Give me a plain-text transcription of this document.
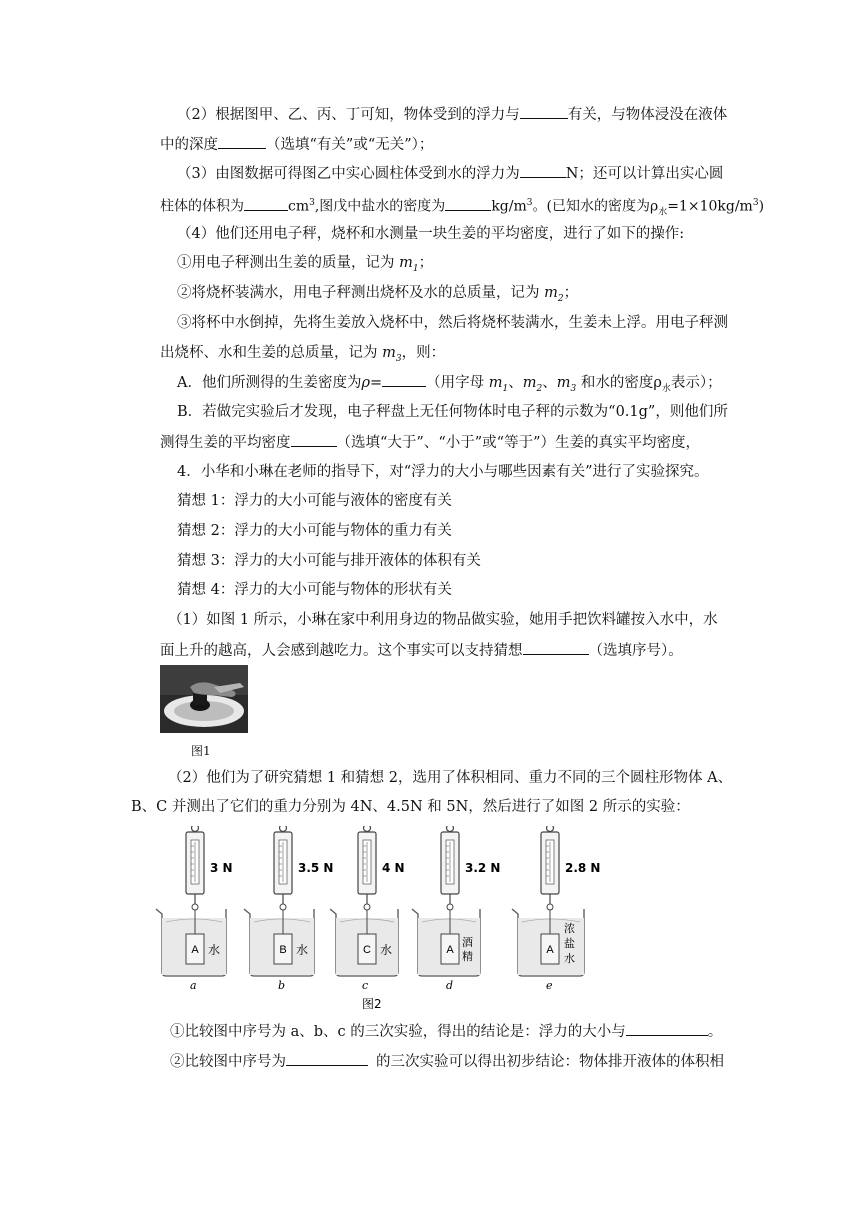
（2）根据图甲、乙、丙、丁可知，物体受到的浮力与	有关，与物体浸没在液体
中的深度	（选填“有关”或“无关”）；
（3）由图数据可得图乙中实心圆柱体受到水的浮力为	N；还可以计算出实心圆
柱体的体积为	$cm^3$,图戊中盐水的密度为	$kg/m^3$。(已知水的密度为$\rho_水=1\times 10kg/m^3$)
（4）他们还用电子秤，烧杯和水测量一块生姜的平均密度，进行了如下的操作:
①用电子秤测出生姜的质量，记为 $m_1$；
②将烧杯装满水，用电子秤测出烧杯及水的总质量，记为 $m_2$；
③将杯中水倒掉，先将生姜放入烧杯中，然后将烧杯装满水，生姜未上浮。用电子秤测
出烧杯、水和生姜的总质量，记为 $m_3$，则：
A．他们所测得的生姜密度为ρ=	（用字母 $m_1$、$m_2$、$m_3$ 和水的密度$\rho_水$表示）；
B．若做完实验后才发现，电子秤盘上无任何物体时电子秤的示数为“0.1g”，则他们所
测得生姜的平均密度	（选填“大于”、“小于”或“等于”）生姜的真实平均密度，
4．小华和小琳在老师的指导下，对“浮力的大小与哪些因素有关”进行了实验探究。
猜想 1：浮力的大小可能与液体的密度有关
猜想 2：浮力的大小可能与物体的重力有关
猜想 3：浮力的大小可能与排开液体的体积有关
猜想 4：浮力的大小可能与物体的形状有关
（1）如图 1 所示，小琳在家中利用身边的物品做实验，她用手把饮料罐按入水中，水
面上升的越高，人会感到越吃力。这个事实可以支持猜想	（选填序号）。
图1
（2）他们为了研究猜想 1 和猜想 2，选用了体积相同、重力不同的三个圆柱形物体 A、
B、C 并测出了它们的重力分别为 4N、4.5N 和 5N，然后进行了如图 2 所示的实验：
3 N	3.5 N	4 N	3.2 N	2.8 N
A	B	C	A	A
水	水	水
酒
精
浓
盐
水
a	b	c	d	e
图2
①比较图中序号为 a、b、c 的三次实验，得出的结论是：浮力的大小与	。
②比较图中序号为	的三次实验可以得出初步结论：物体排开液体的体积相
